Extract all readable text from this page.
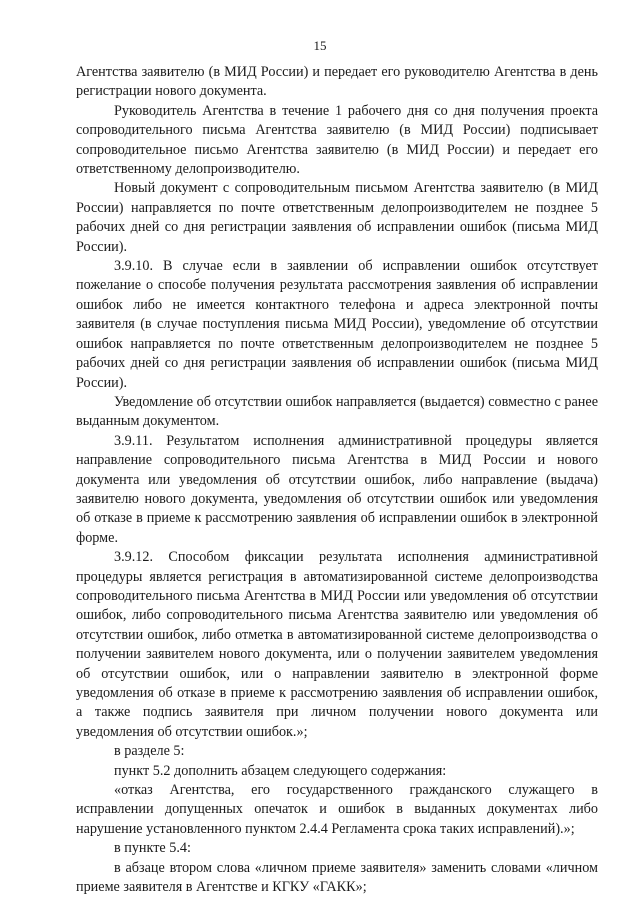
15

Агентства заявителю (в МИД России) и передает его руководителю Агентства в день регистрации нового документа.

Руководитель Агентства в течение 1 рабочего дня со дня получения проекта сопроводительного письма Агентства заявителю (в МИД России) подписывает сопроводительное письмо Агентства заявителю (в МИД России) и передает его ответственному делопроизводителю.

Новый документ с сопроводительным письмом Агентства заявителю (в МИД России) направляется по почте ответственным делопроизводителем не позднее 5 рабочих дней со дня регистрации заявления об исправлении ошибок (письма МИД России).

3.9.10. В случае если в заявлении об исправлении ошибок отсутствует пожелание о способе получения результата рассмотрения заявления об исправлении ошибок либо не имеется контактного телефона и адреса электронной почты заявителя (в случае поступления письма МИД России), уведомление об отсутствии ошибок направляется по почте ответственным делопроизводителем не позднее 5 рабочих дней со дня регистрации заявления об исправлении ошибок (письма МИД России).

Уведомление об отсутствии ошибок направляется (выдается) совместно с ранее выданным документом.

3.9.11. Результатом исполнения административной процедуры является направление сопроводительного письма Агентства в МИД России и нового документа или уведомления об отсутствии ошибок, либо направление (выдача) заявителю нового документа, уведомления об отсутствии ошибок или уведомления об отказе в приеме к рассмотрению заявления об исправлении ошибок в электронной форме.

3.9.12. Способом фиксации результата исполнения административной процедуры является регистрация в автоматизированной системе делопроизводства сопроводительного письма Агентства в МИД России или уведомления об отсутствии ошибок, либо сопроводительного письма Агентства заявителю или уведомления об отсутствии ошибок, либо отметка в автоматизированной системе делопроизводства о получении заявителем нового документа, или о получении заявителем уведомления об отсутствии ошибок, или о направлении заявителю в электронной форме уведомления об отказе в приеме к рассмотрению заявления об исправлении ошибок, а также подпись заявителя при личном получении нового документа или уведомления об отсутствии ошибок.»;

в разделе 5:

пункт 5.2 дополнить абзацем следующего содержания:

«отказ Агентства, его государственного гражданского служащего в исправлении допущенных опечаток и ошибок в выданных документах либо нарушение установленного пунктом 2.4.4 Регламента срока таких исправлений).»;

в пункте 5.4:

в абзаце втором слова «личном приеме заявителя» заменить словами «личном приеме заявителя в Агентстве и КГКУ «ГАКК»;
